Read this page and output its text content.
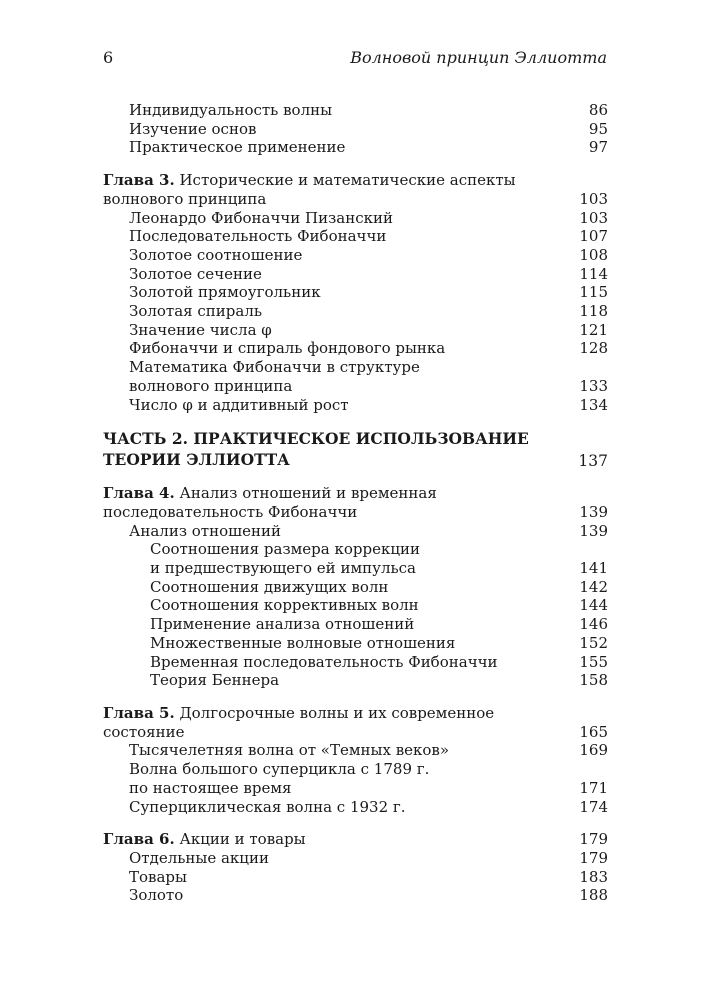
6	Волновой принцип Эллиотта
Индивидуальность волны	86
Изучение основ	95
Практическое применение	97
Глава 3. Исторические и математические аспекты
волнового принципа	103
Леонардо Фибоначчи Пизанский	103
Последовательность Фибоначчи	107
Золотое соотношение	108
Золотое сечение	114
Золотой прямоугольник	115
Золотая спираль	118
Значение числа φ	121
Фибоначчи и спираль фондового рынка	128
Математика Фибоначчи в структуре
волнового принципа	133
Число φ и аддитивный рост	134
ЧАСТЬ 2. ПРАКТИЧЕСКОЕ ИСПОЛЬЗОВАНИЕ
ТЕОРИИ ЭЛЛИОТТА	137
Глава 4. Анализ отношений и временная
последовательность Фибоначчи	139
Анализ отношений	139
Соотношения размера коррекции
и предшествующего ей импульса	141
Соотношения движущих волн	142
Соотношения коррективных волн	144
Применение анализа отношений	146
Множественные волновые отношения	152
Временная последовательность Фибоначчи	155
Теория Беннера	158
Глава 5. Долгосрочные волны и их современное состояние	165
Тысячелетняя волна от «Темных веков»	169
Волна большого суперцикла с 1789 г.
по настоящее время	171
Суперциклическая волна с 1932 г.	174
Глава 6. Акции и товары	179
Отдельные акции	179
Товары	183
Золото	188
